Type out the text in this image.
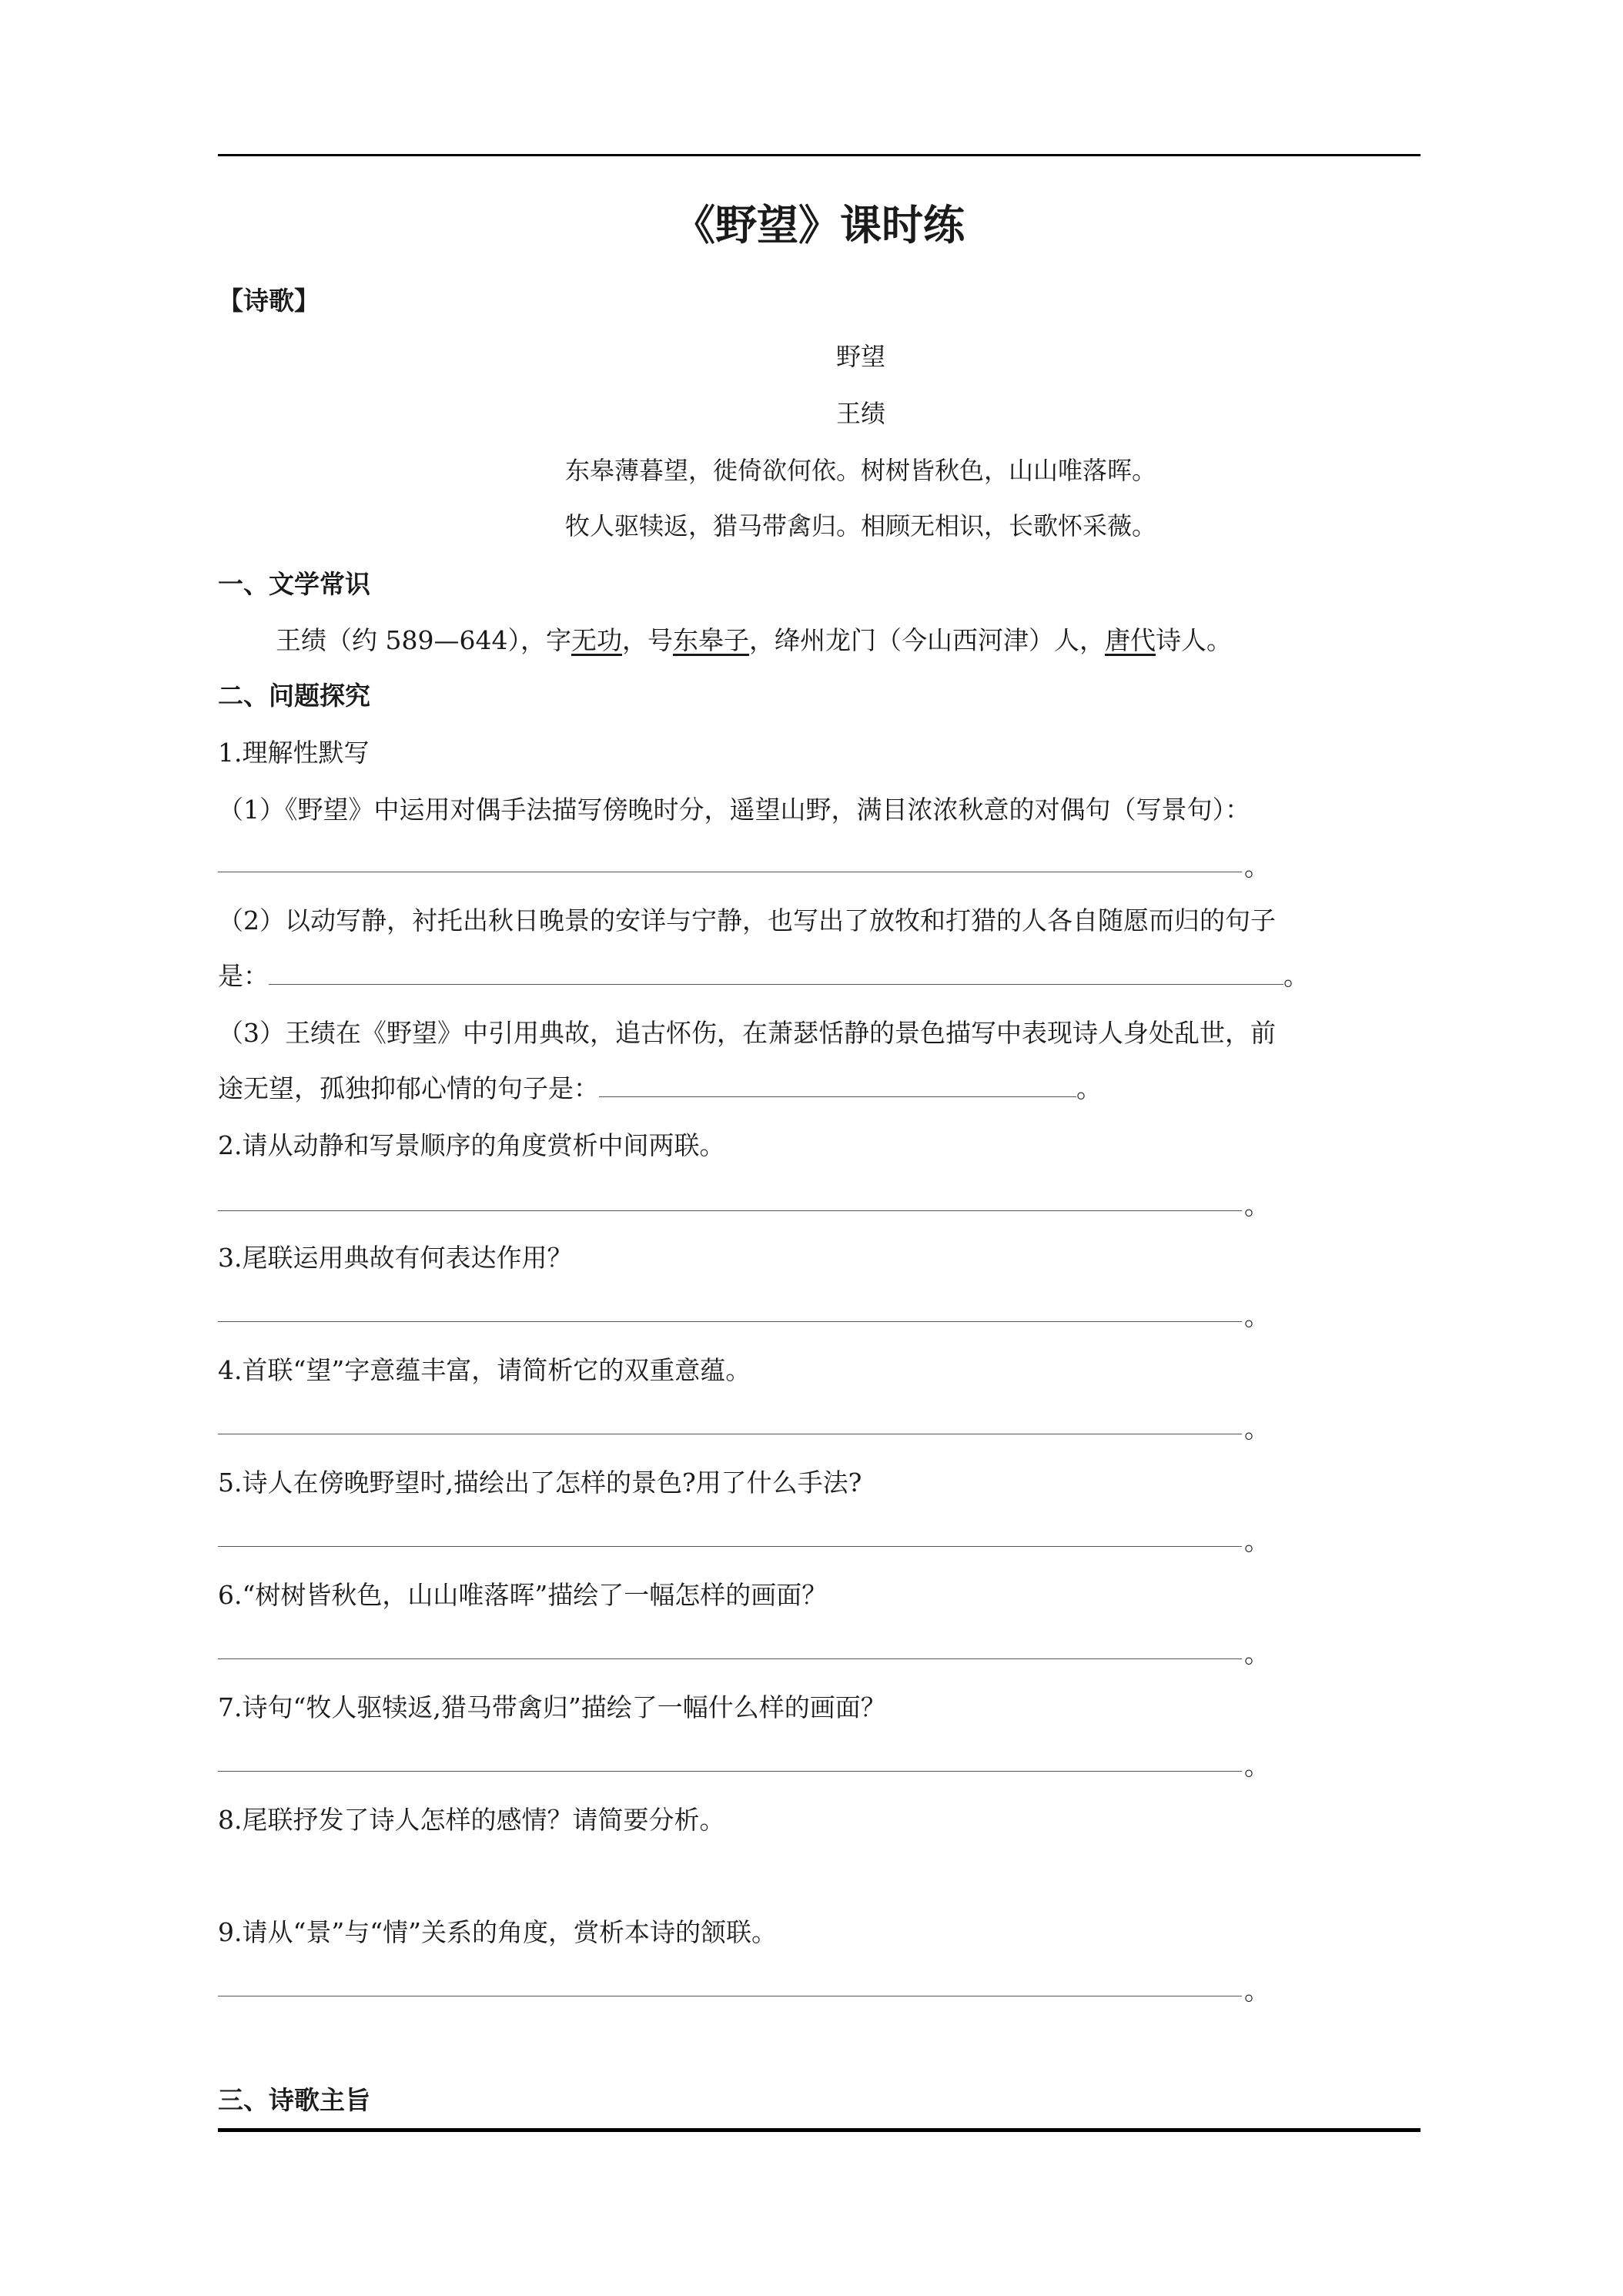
《野望》课时练
【诗歌】
野望
王绩
东皋薄暮望，徙倚欲何依。树树皆秋色，山山唯落晖。
牧人驱犊返，猎马带禽归。相顾无相识，长歌怀采薇。
一、文学常识
王绩（约 589—644），字无功，号东皋子，绛州龙门（今山西河津）人，唐代诗人。
二、问题探究
1.理解性默写
（1）《野望》中运用对偶手法描写傍晚时分，遥望山野，满目浓浓秋意的对偶句（写景句）：
。
（2）以动写静，衬托出秋日晚景的安详与宁静，也写出了放牧和打猎的人各自随愿而归的句子
是：	。
（3）王绩在《野望》中引用典故，追古怀伤，在萧瑟恬静的景色描写中表现诗人身处乱世，前
途无望，孤独抑郁心情的句子是：	。
2.请从动静和写景顺序的角度赏析中间两联。
。
3.尾联运用典故有何表达作用？
。
4.首联“望”字意蕴丰富，请简析它的双重意蕴。
。
5.诗人在傍晚野望时,描绘出了怎样的景色?用了什么手法?
。
6.“树树皆秋色，山山唯落晖”描绘了一幅怎样的画面？
。
7.诗句“牧人驱犊返,猎马带禽归”描绘了一幅什么样的画面？
。
8.尾联抒发了诗人怎样的感情？请简要分析。
9.请从“景”与“情”关系的角度，赏析本诗的颔联。
。
三、诗歌主旨
